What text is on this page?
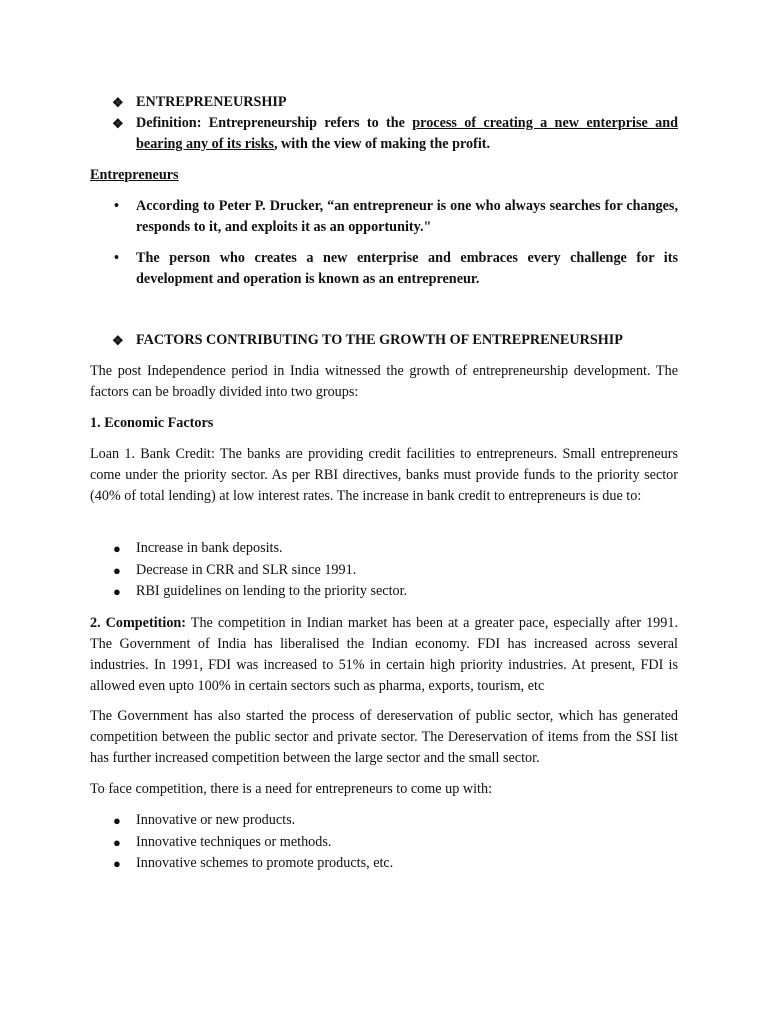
❖ ENTREPRENEURSHIP
❖ Definition: Entrepreneurship refers to the process of creating a new enterprise and bearing any of its risks, with the view of making the profit.

Entrepreneurs

• According to Peter P. Drucker, “an entrepreneur is one who always searches for changes, responds to it, and exploits it as an opportunity."
• The person who creates a new enterprise and embraces every challenge for its development and operation is known as an entrepreneur.
❖ FACTORS CONTRIBUTING TO THE GROWTH OF ENTREPRENEURSHIP

The post Independence period in India witnessed the growth of entrepreneurship development. The factors can be broadly divided into two groups:

1. Economic Factors

Loan 1. Bank Credit: The banks are providing credit facilities to entrepreneurs. Small entrepreneurs come under the priority sector. As per RBI directives, banks must provide funds to the priority sector (40% of total lending) at low interest rates. The increase in bank credit to entrepreneurs is due to:

● Increase in bank deposits.
● Decrease in CRR and SLR since 1991.
● RBI guidelines on lending to the priority sector.

2. Competition: The competition in Indian market has been at a greater pace, especially after 1991. The Government of India has liberalised the Indian economy. FDI has increased across several industries. In 1991, FDI was increased to 51% in certain high priority industries. At present, FDI is allowed even upto 100% in certain sectors such as pharma, exports, tourism, etc

The Government has also started the process of dereservation of public sector, which has generated competition between the public sector and private sector. The Dereservation of items from the SSI list has further increased competition between the large sector and the small sector.

To face competition, there is a need for entrepreneurs to come up with:

● Innovative or new products.
● Innovative techniques or methods.
● Innovative schemes to promote products, etc.
